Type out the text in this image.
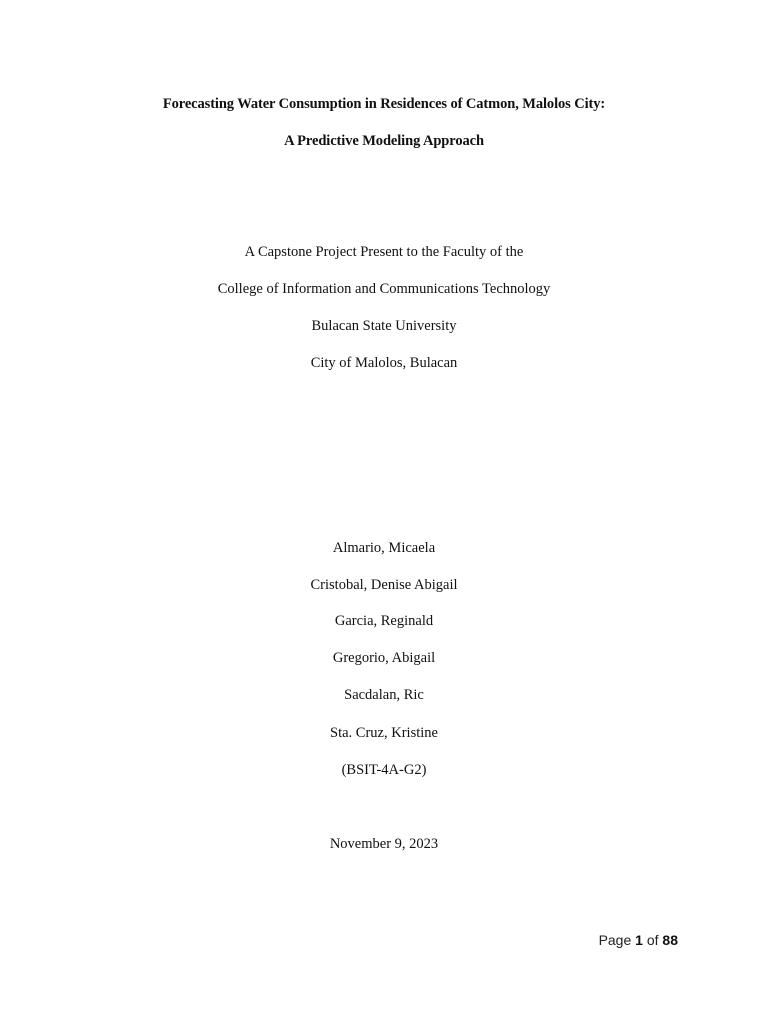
Forecasting Water Consumption in Residences of Catmon, Malolos City:
A Predictive Modeling Approach
A Capstone Project Present to the Faculty of the
College of Information and Communications Technology
Bulacan State University
City of Malolos, Bulacan
Almario, Micaela
Cristobal, Denise Abigail
Garcia, Reginald
Gregorio, Abigail
Sacdalan, Ric
Sta. Cruz, Kristine
(BSIT-4A-G2)
November 9, 2023
Page 1 of 88
